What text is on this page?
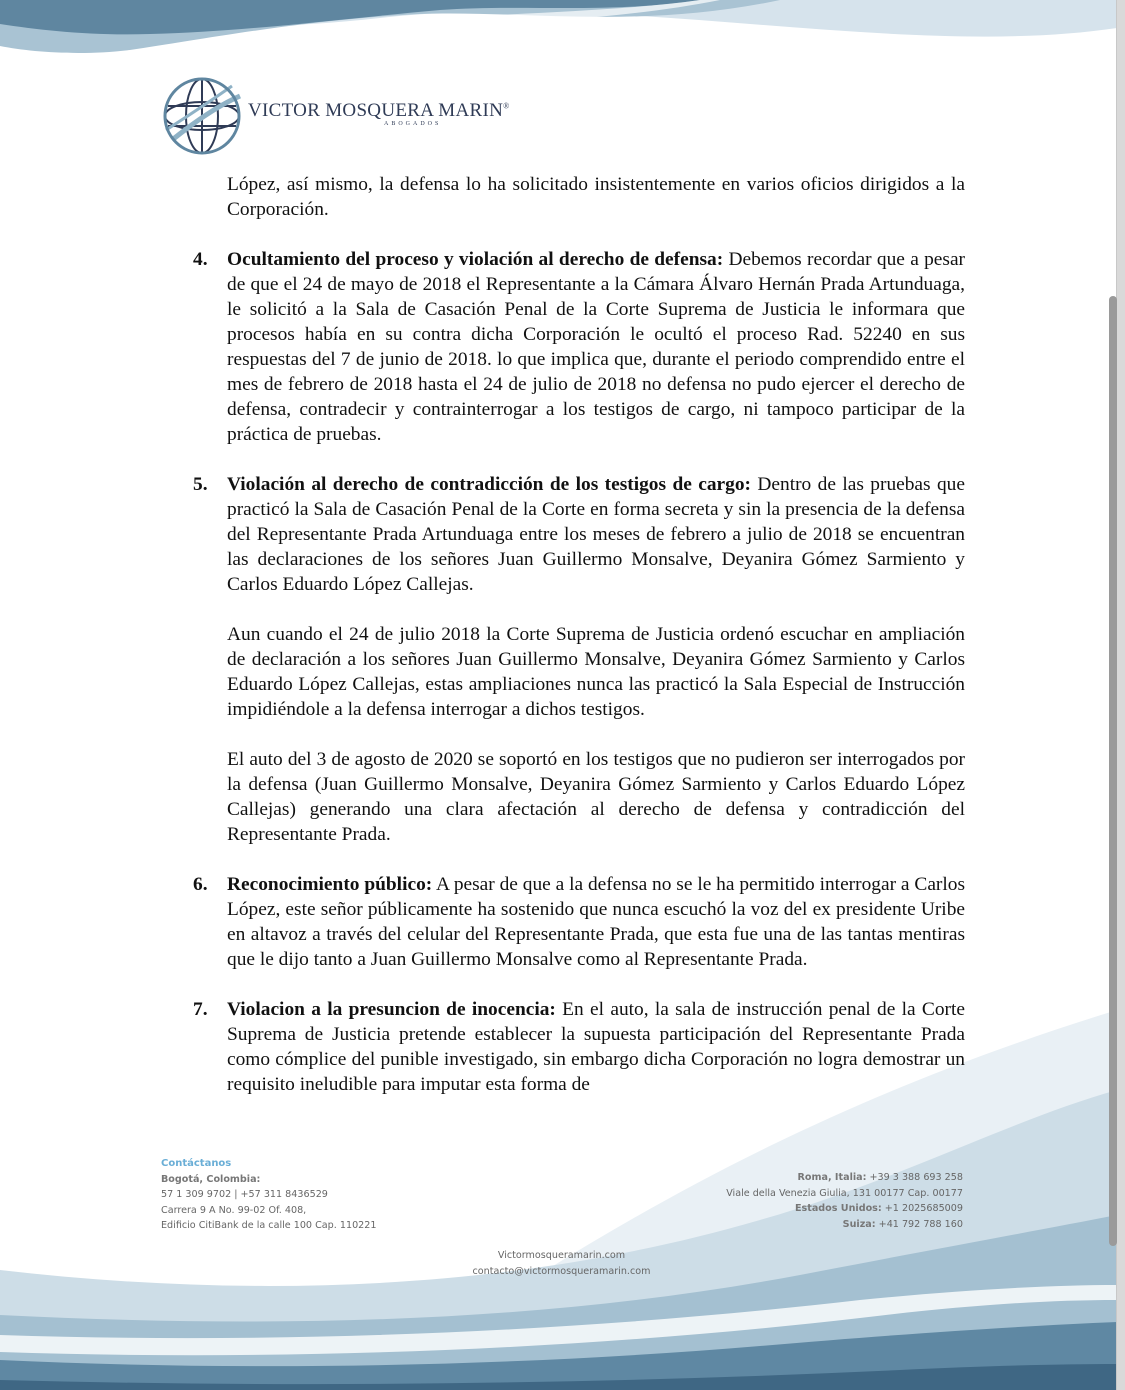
VICTOR MOSQUERA MARIN®
ABOGADOS

López, así mismo, la defensa lo ha solicitado insistentemente en varios oficios dirigidos a la Corporación.

4. Ocultamiento del proceso y violación al derecho de defensa: Debemos recordar que a pesar de que el 24 de mayo de 2018 el Representante a la Cámara Álvaro Hernán Prada Artunduaga, le solicitó a la Sala de Casación Penal de la Corte Suprema de Justicia le informara que procesos había en su contra dicha Corporación le ocultó el proceso Rad. 52240 en sus respuestas del 7 de junio de 2018. lo que implica que, durante el periodo comprendido entre el mes de febrero de 2018 hasta el 24 de julio de 2018 no defensa no pudo ejercer el derecho de defensa, contradecir y contrainterrogar a los testigos de cargo, ni tampoco participar de la práctica de pruebas.

5. Violación al derecho de contradicción de los testigos de cargo: Dentro de las pruebas que practicó la Sala de Casación Penal de la Corte en forma secreta y sin la presencia de la defensa del Representante Prada Artunduaga entre los meses de febrero a julio de 2018 se encuentran las declaraciones de los señores Juan Guillermo Monsalve, Deyanira Gómez Sarmiento y Carlos Eduardo López Callejas.

Aun cuando el 24 de julio 2018 la Corte Suprema de Justicia ordenó escuchar en ampliación de declaración a los señores Juan Guillermo Monsalve, Deyanira Gómez Sarmiento y Carlos Eduardo López Callejas, estas ampliaciones nunca las practicó la Sala Especial de Instrucción impidiéndole a la defensa interrogar a dichos testigos.

El auto del 3 de agosto de 2020 se soportó en los testigos que no pudieron ser interrogados por la defensa (Juan Guillermo Monsalve, Deyanira Gómez Sarmiento y Carlos Eduardo López Callejas) generando una clara afectación al derecho de defensa y contradicción del Representante Prada.

6. Reconocimiento público: A pesar de que a la defensa no se le ha permitido interrogar a Carlos López, este señor públicamente ha sostenido que nunca escuchó la voz del ex presidente Uribe en altavoz a través del celular del Representante Prada, que esta fue una de las tantas mentiras que le dijo tanto a Juan Guillermo Monsalve como al Representante Prada.

7. Violacion a la presuncion de inocencia: En el auto, la sala de instrucción penal de la Corte Suprema de Justicia pretende establecer la supuesta participación del Representante Prada como cómplice del punible investigado, sin embargo dicha Corporación no logra demostrar un requisito ineludible para imputar esta forma de

Contáctanos
Bogotá, Colombia:
57 1 309 9702 | +57 311 8436529
Carrera 9 A No. 99-02 Of. 408,
Edificio CitiBank de la calle 100 Cap. 110221
Roma, Italia: +39 3 388 693 258
Viale della Venezia Giulia, 131 00177 Cap. 00177
Estados Unidos: +1 2025685009
Suiza: +41 792 788 160
Victormosqueramarin.com
contacto@victormosqueramarin.com
